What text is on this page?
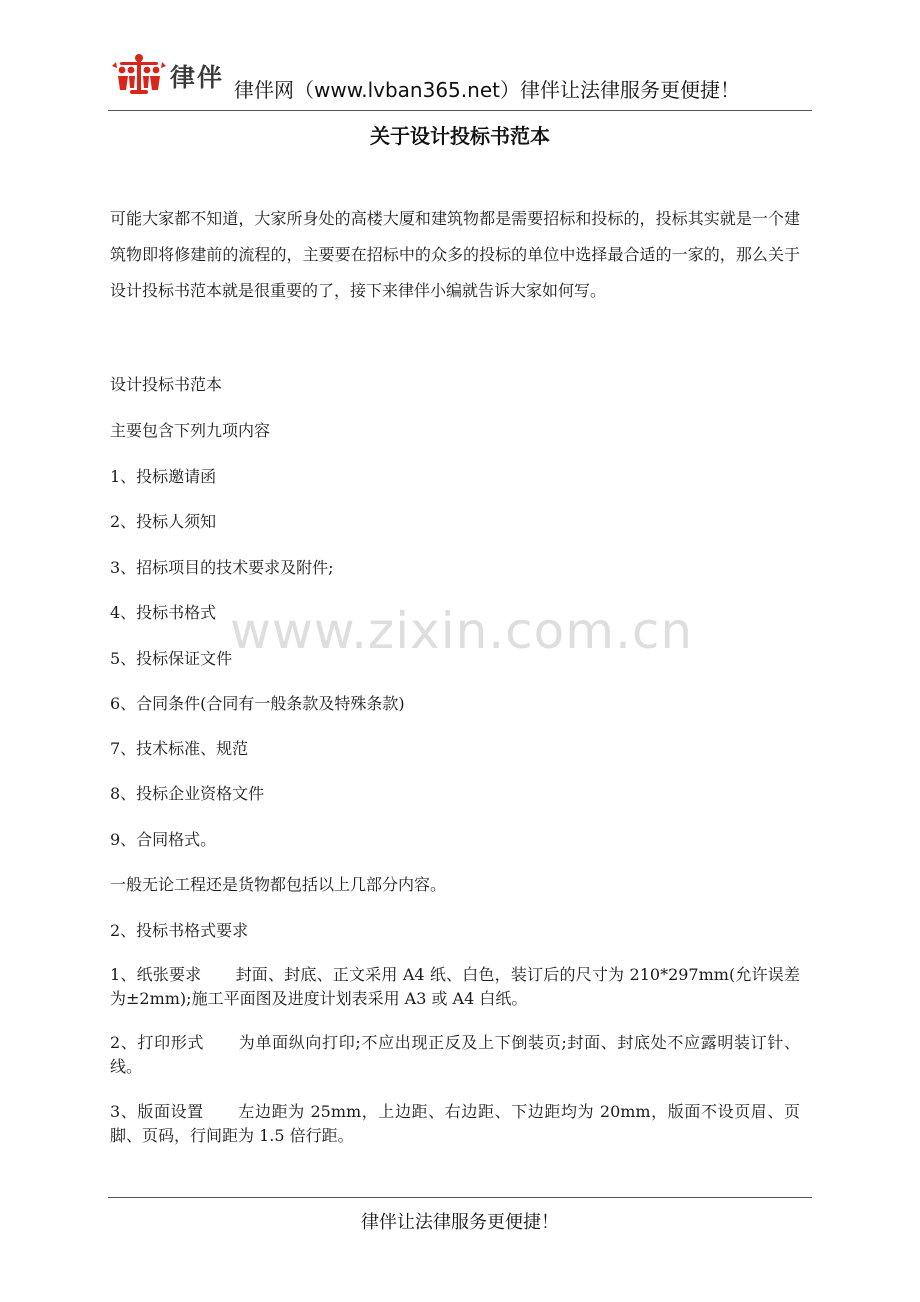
律伴 律伴网（www.lvban365.net）律伴让法律服务更便捷！
关于设计投标书范本

可能大家都不知道，大家所身处的高楼大厦和建筑物都是需要招标和投标的，投标其实就是一个建筑物即将修建前的流程的，主要要在招标中的众多的投标的单位中选择最合适的一家的，那么关于设计投标书范本就是很重要的了，接下来律伴小编就告诉大家如何写。

设计投标书范本

主要包含下列九项内容

1、投标邀请函

2、投标人须知

3、招标项目的技术要求及附件;

4、投标书格式

5、投标保证文件

6、合同条件(合同有一般条款及特殊条款)

7、技术标准、规范

8、投标企业资格文件

9、合同格式。

一般无论工程还是货物都包括以上几部分内容。

2、投标书格式要求

1、纸张要求 封面、封底、正文采用 A4 纸、白色，装订后的尺寸为 210*297mm(允许误差为±2mm);施工平面图及进度计划表采用 A3 或 A4 白纸。

2、打印形式 为单面纵向打印;不应出现正反及上下倒装页;封面、封底处不应露明装订针、线。

3、版面设置 左边距为 25mm，上边距、右边距、下边距均为 20mm，版面不设页眉、页脚、页码，行间距为 1.5 倍行距。

www.zixin.com.cn
律伴让法律服务更便捷！
